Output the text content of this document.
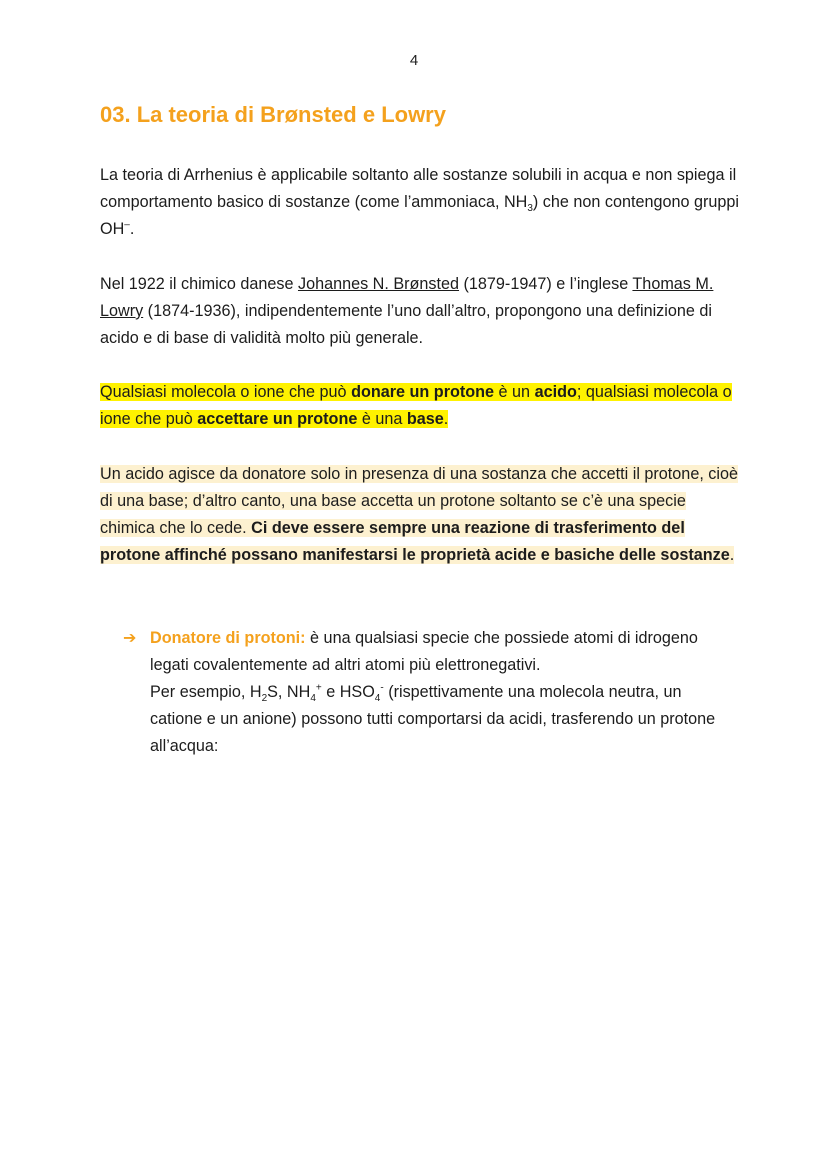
4
03. La teoria di Brønsted e Lowry

La teoria di Arrhenius è applicabile soltanto alle sostanze solubili in acqua e non spiega il comportamento basico di sostanze (come l’ammoniaca, $NH_3$) che non contengono gruppi OH–.

Nel 1922 il chimico danese Johannes N. Brønsted (1879-1947) e l’inglese Thomas M. Lowry (1874-1936), indipendentemente l’uno dall’altro, propongono una definizione di acido e di base di validità molto più generale.

Qualsiasi molecola o ione che può donare un protone è un acido; qualsiasi molecola o ione che può accettare un protone è una base.

Un acido agisce da donatore solo in presenza di una sostanza che accetti il protone, cioè di una base; d’altro canto, una base accetta un protone soltanto se c’è una specie chimica che lo cede. Ci deve essere sempre una reazione di trasferimento del protone affinché possano manifestarsi le proprietà acide e basiche delle sostanze.

➔ Donatore di protoni: è una qualsiasi specie che possiede atomi di idrogeno legati covalentemente ad altri atomi più elettronegativi.
Per esempio, $H_2S$, $NH_4^+$ e $HSO_4^-$ (rispettivamente una molecola neutra, un catione e un anione) possono tutti comportarsi da acidi, trasferendo un protone all’acqua:
